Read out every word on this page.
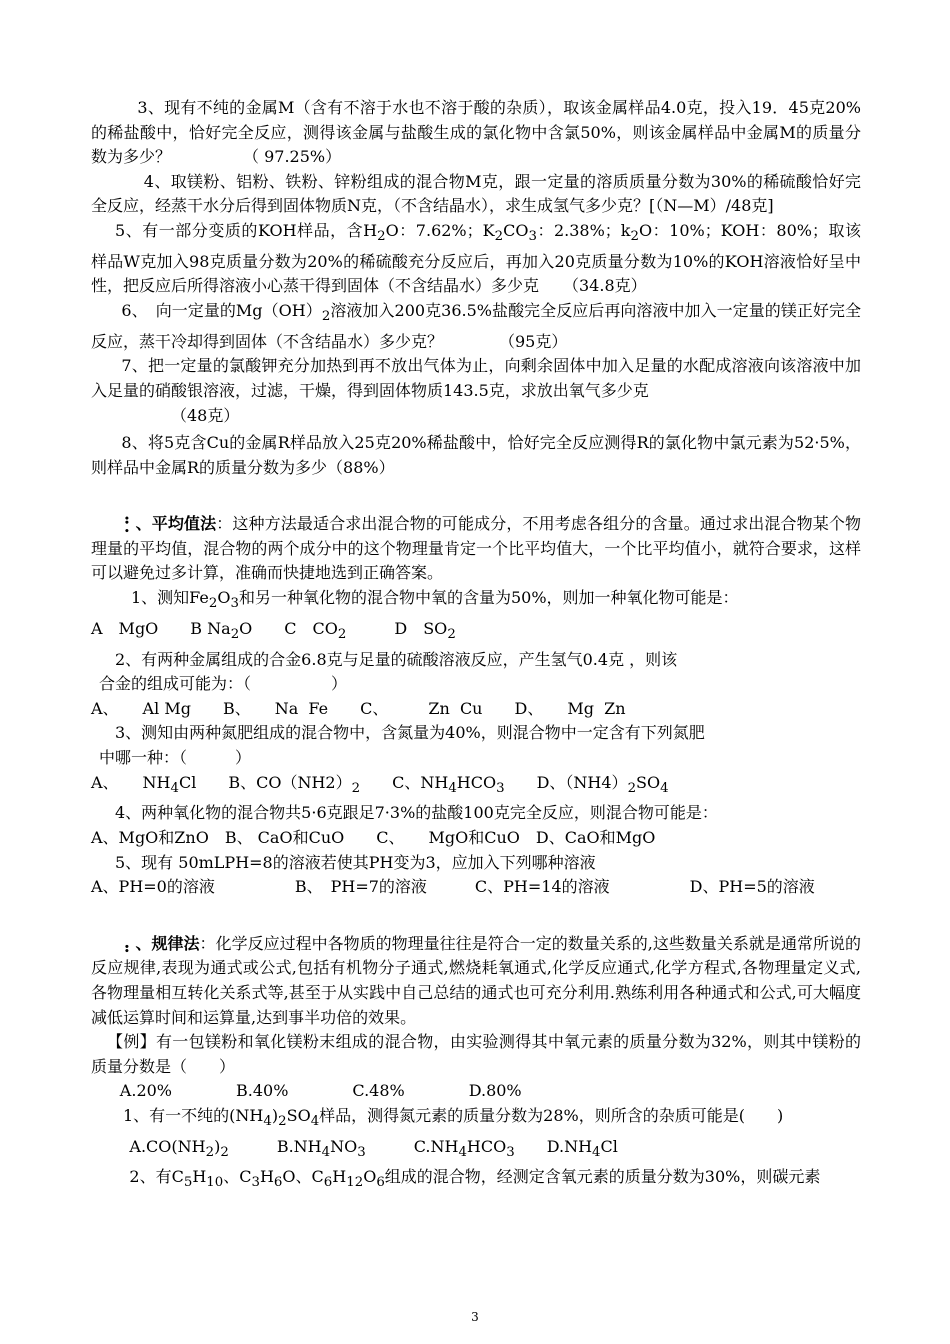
3、现有不纯的金属M（含有不溶于水也不溶于酸的杂质），取该金属样品4.0克，投入19．45克20%的稀盐酸中，恰好完全反应，测得该金属与盐酸生成的氯化物中含氯50%，则该金属样品中金属M的质量分数为多少？　　　　　（ 97.25%）

4、取镁粉、铝粉、铁粉、锌粉组成的混合物M克，跟一定量的溶质质量分数为30%的稀硫酸恰好完全反应，经蒸干水分后得到固体物质N克，（不含结晶水），求生成氢气多少克？[（N—M）/48克]

5、有一部分变质的KOH样品，含$H_2O$：7.62%；$K_2CO_3$：2.38%；$k_2O$：10%；KOH：80%；取该样品W克加入98克质量分数为20%的稀硫酸充分反应后，再加入20克质量分数为10%的KOH溶液恰好呈中性，把反应后所得溶液小心蒸干得到固体（不含结晶水）多少克　　（34.8克）

6、　向一定量的$Mg(OH)_2$溶液加入200克36.5%盐酸完全反应后再向溶液中加入一定量的镁正好完全反应，蒸干冷却得到固体（不含结晶水）多少克？　　　　（95克）

7、把一定量的氯酸钾充分加热到再不放出气体为止，向剩余固体中加入足量的水配成溶液向该溶液中加入足量的硝酸银溶液，过滤，干燥，得到固体物质143.5克，求放出氧气多少克

（48克）

8、将5克含Cu的金属R样品放入25克20%稀盐酸中，恰好完全反应测得R的氯化物中氯元素为52·5%，则样品中金属R的质量分数为多少（88%）

⡃、平均值法：这种方法最适合求出混合物的可能成分，不用考虑各组分的含量。通过求出混合物某个物理量的平均值，混合物的两个成分中的这个物理量肯定一个比平均值大，一个比平均值小，就符合要求，这样可以避免过多计算，准确而快捷地选到正确答案。

1、测知$Fe_2O_3$和另一种氧化物的混合物中氧的含量为50%，则加一种氧化物可能是：

A　MgO　　B $Na_2O$　　C　$CO_2$　　　D　$SO_2$

2、有两种金属组成的合金6.8克与足量的硫酸溶液反应，产生氢气0.4克 ，则该

合金的组成可能为：（　　　　　）

A、　　Al Mg　　B、　　Na  Fe　　C、　　　Zn  Cu　　D、　　Mg  Zn

3、测知由两种氮肥组成的混合物中，含氮量为40%，则混合物中一定含有下列氮肥

中哪一种：（　　　）

A、　　$NH_4Cl$　　B、$CO(NH2)_2$　　C、$NH_4HCO_3$　　D、$(NH4)_2SO_4$

4、两种氧化物的混合物共5·6克跟足7·3%的盐酸100克完全反应，则混合物可能是：

A、MgO和ZnO　B、 CaO和CuO　　C、　　MgO和CuO　D、CaO和MgO

5、现有 50mLPH=8的溶液若使其PH变为3，应加入下列哪种溶液

A、PH=0的溶液　　　　　B、　PH=7的溶液　　　C、PH=14的溶液　　　　　D、PH=5的溶液

⡄、规律法：化学反应过程中各物质的物理量往往是符合一定的数量关系的,这些数量关系就是通常所说的反应规律,表现为通式或公式,包括有机物分子通式,燃烧耗氧通式,化学反应通式,化学方程式,各物理量定义式,各物理量相互转化关系式等,甚至于从实践中自己总结的通式也可充分利用.熟练利用各种通式和公式,可大幅度减低运算时间和运算量,达到事半功倍的效果。

【例】有一包镁粉和氧化镁粉末组成的混合物，由实验测得其中氧元素的质量分数为32%，则其中镁粉的质量分数是（　　）

A.20%　　　　B.40%　　　　C.48%　　　　D.80%

1、有一不纯的$(NH_4)_2SO_4$样品，测得氮元素的质量分数为28%，则所含的杂质可能是(　　)

$A.CO(NH_2)_2$　　　$B.NH_4NO_3$　　　$C.NH_4HCO_3$　　$D.NH_4Cl$

2、有$C_5H_{10}$、$C_3H_6O$、$C_6H_{12}O_6$组成的混合物，经测定含氧元素的质量分数为30%，则碳元素

3
